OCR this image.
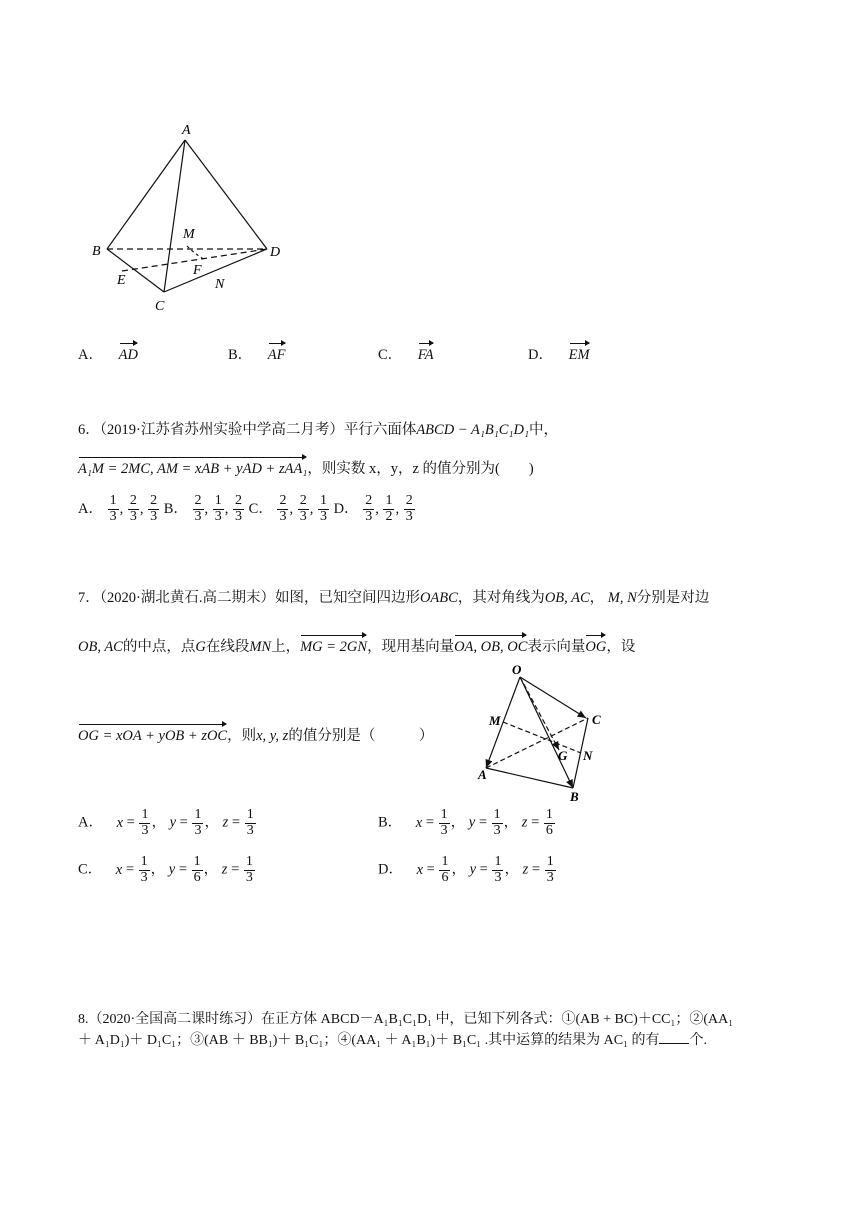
A
B	D
C
E
M
F
N
A． AD	B． AF	C． FA	D． EM
6．（2019·江苏省苏州实验中学高二月考）平行六面体ABCD − A₁B₁C₁D₁中，
A₁M = 2MC, AM = xAB + yAD + zAA₁，则实数 x，y，z 的值分别为(　　)
A． $\frac{1}{3}$ , $\frac{2}{3}$ , $\frac{2}{3}$ B． $\frac{2}{3}$ , $\frac{1}{3}$ , $\frac{2}{3}$ C． $\frac{2}{3}$ , $\frac{2}{3}$ , $\frac{1}{3}$ D． $\frac{2}{3}$ , $\frac{1}{2}$ , $\frac{2}{3}$
7．（2020·湖北黄石.高二期末）如图，已知空间四边形OABC，其对角线为OB, AC， M, N分别是对边
OB, AC的中点，点G在线段MN上，MG = 2GN，现用基向量OA, OB, OC表示向量OG，设
OG = xOA + yOB + zOC，则x, y, z的值分别是（　　　）
O
M	C
G N
A
B
A． $x = \frac{1}{3}$ ， $y = \frac{1}{3}$ ， $z = \frac{1}{3}$	B． $x = \frac{1}{3}$ ， $y = \frac{1}{3}$ ， $z = \frac{1}{6}$
C． $x = \frac{1}{3}$ ， $y = \frac{1}{6}$ ， $z = \frac{1}{3}$	D． $x = \frac{1}{6}$ ， $y = \frac{1}{3}$ ， $z = \frac{1}{3}$
8.（2020·全国高二课时练习）在正方体 ABCD－A₁B₁C₁D₁ 中，已知下列各式：①(AB + BC)＋CC₁；②(AA₁
＋ A₁D₁)＋ D₁C₁；③(AB ＋ BB₁)＋ B₁C₁；④(AA₁ ＋ A₁B₁)＋ B₁C₁ .其中运算的结果为 AC₁ 的有 个.
